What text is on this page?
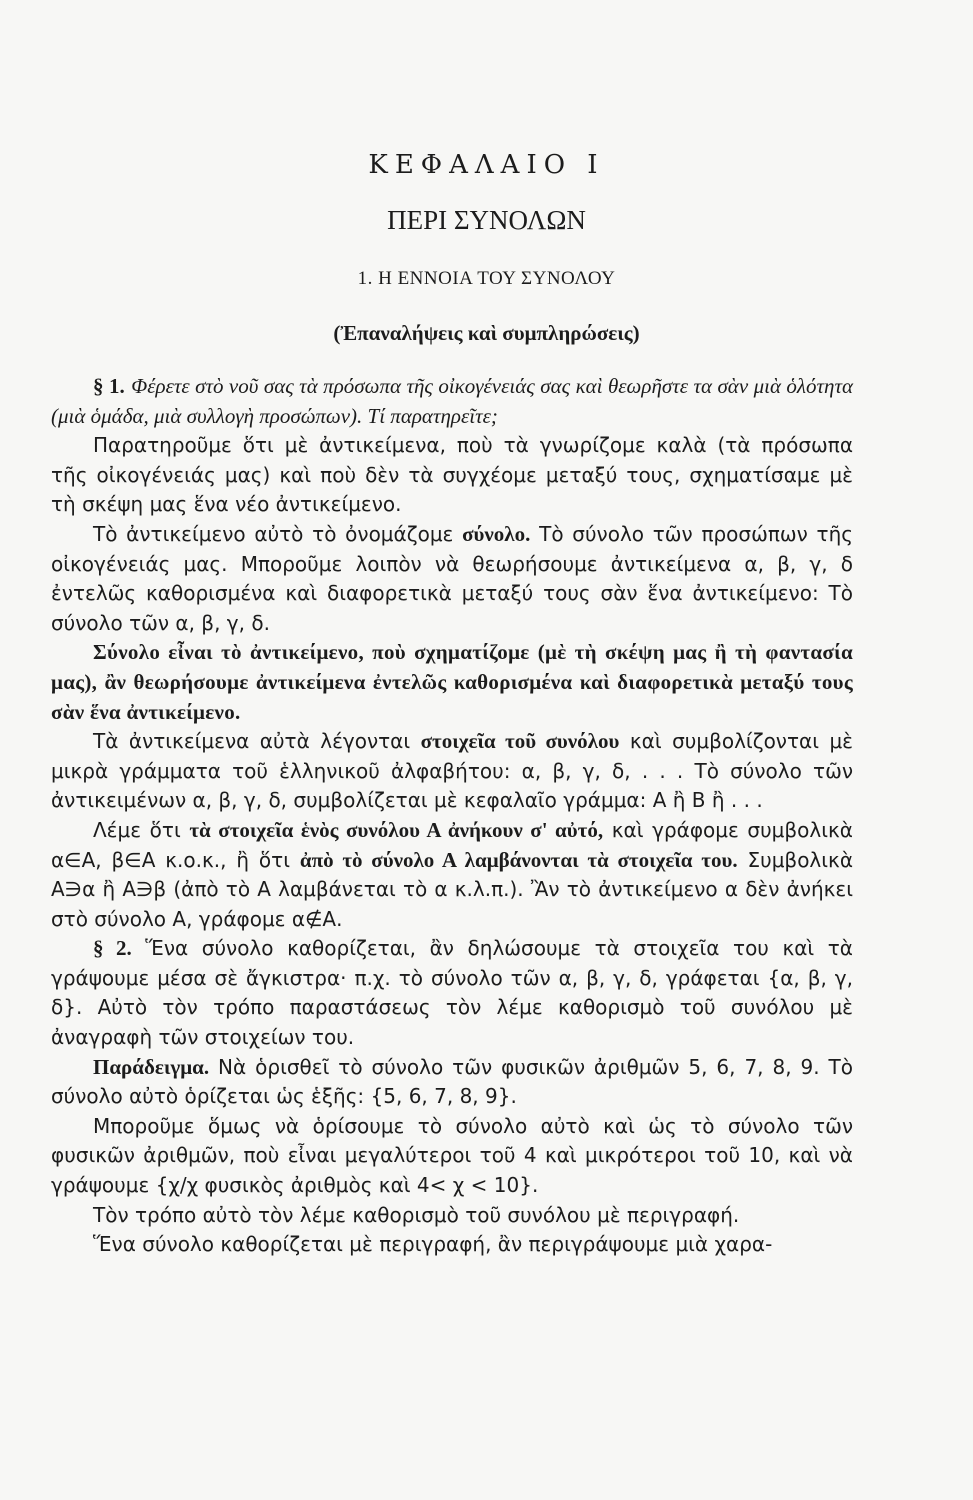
ΚΕΦΑΛΑΙΟ Ι
ΠΕΡΙ ΣΥΝΟΛΩΝ
1. Η ΕΝΝΟΙΑ ΤΟΥ ΣΥΝΟΛΟΥ
(Ἐπαναλήψεις καὶ συμπληρώσεις)

§ 1. Φέρετε στὸ νοῦ σας τὰ πρόσωπα τῆς οἰκογένειάς σας καὶ θεωρῆστε τα σὰν μιὰ ὁλότητα (μιὰ ὁμάδα, μιὰ συλλογὴ προσώπων). Τί παρατηρεῖτε;

Παρατηροῦμε ὅτι μὲ ἀντικείμενα, ποὺ τὰ γνωρίζομε καλὰ (τὰ πρόσωπα τῆς οἰκογένειάς μας) καὶ ποὺ δὲν τὰ συγχέομε μεταξύ τους, σχηματίσαμε μὲ τὴ σκέψη μας ἕνα νέο ἀντικείμενο.

Τὸ ἀντικείμενο αὐτὸ τὸ ὀνομάζομε σύνολο. Τὸ σύνολο τῶν προσώπων τῆς οἰκογένειάς μας. Μποροῦμε λοιπὸν νὰ θεωρήσουμε ἀντικείμενα α, β, γ, δ ἐντελῶς καθορισμένα καὶ διαφορετικὰ μεταξύ τους σὰν ἕνα ἀντικείμενο: Τὸ σύνολο τῶν α, β, γ, δ.

Σύνολο εἶναι τὸ ἀντικείμενο, ποὺ σχηματίζομε (μὲ τὴ σκέψη μας ἢ τὴ φαντασία μας), ἂν θεωρήσουμε ἀντικείμενα ἐντελῶς καθορισμένα καὶ διαφορετικὰ μεταξύ τους σὰν ἕνα ἀντικείμενο.

Τὰ ἀντικείμενα αὐτὰ λέγονται στοιχεῖα τοῦ συνόλου καὶ συμβολίζονται μὲ μικρὰ γράμματα τοῦ ἑλληνικοῦ ἀλφαβήτου: α, β, γ, δ, . . . Τὸ σύνολο τῶν ἀντικειμένων α, β, γ, δ, συμβολίζεται μὲ κεφαλαῖο γράμμα: Α ἢ Β ἢ . . .

Λέμε ὅτι τὰ στοιχεῖα ἑνὸς συνόλου Α ἀνήκουν σ' αὐτό, καὶ γράφομε συμβολικὰ α∈Α, β∈Α κ.ο.κ., ἢ ὅτι ἀπὸ τὸ σύνολο Α λαμβάνονται τὰ στοιχεῖα του. Συμβολικὰ Α∋α ἢ Α∋β (ἀπὸ τὸ Α λαμβάνεται τὸ α κ.λ.π.). Ἂν τὸ ἀντικείμενο α δὲν ἀνήκει στὸ σύνολο Α, γράφομε α∉Α.

§ 2. Ἕνα σύνολο καθορίζεται, ἂν δηλώσουμε τὰ στοιχεῖα του καὶ τὰ γράψουμε μέσα σὲ ἄγκιστρα· π.χ. τὸ σύνολο τῶν α, β, γ, δ, γράφεται {α, β, γ, δ}. Αὐτὸ τὸν τρόπο παραστάσεως τὸν λέμε καθορισμὸ τοῦ συνόλου μὲ ἀναγραφὴ τῶν στοιχείων του.

Παράδειγμα. Νὰ ὁρισθεῖ τὸ σύνολο τῶν φυσικῶν ἀριθμῶν 5, 6, 7, 8, 9. Τὸ σύνολο αὐτὸ ὁρίζεται ὡς ἑξῆς: {5, 6, 7, 8, 9}.

Μποροῦμε ὅμως νὰ ὁρίσουμε τὸ σύνολο αὐτὸ καὶ ὡς τὸ σύνολο τῶν φυσικῶν ἀριθμῶν, ποὺ εἶναι μεγαλύτεροι τοῦ 4 καὶ μικρότεροι τοῦ 10, καὶ νὰ γράψουμε {χ/χ φυσικὸς ἀριθμὸς καὶ 4< χ < 10}.

Τὸν τρόπο αὐτὸ τὸν λέμε καθορισμὸ τοῦ συνόλου μὲ περιγραφή.

Ἕνα σύνολο καθορίζεται μὲ περιγραφή, ἂν περιγράψουμε μιὰ χαρα-
